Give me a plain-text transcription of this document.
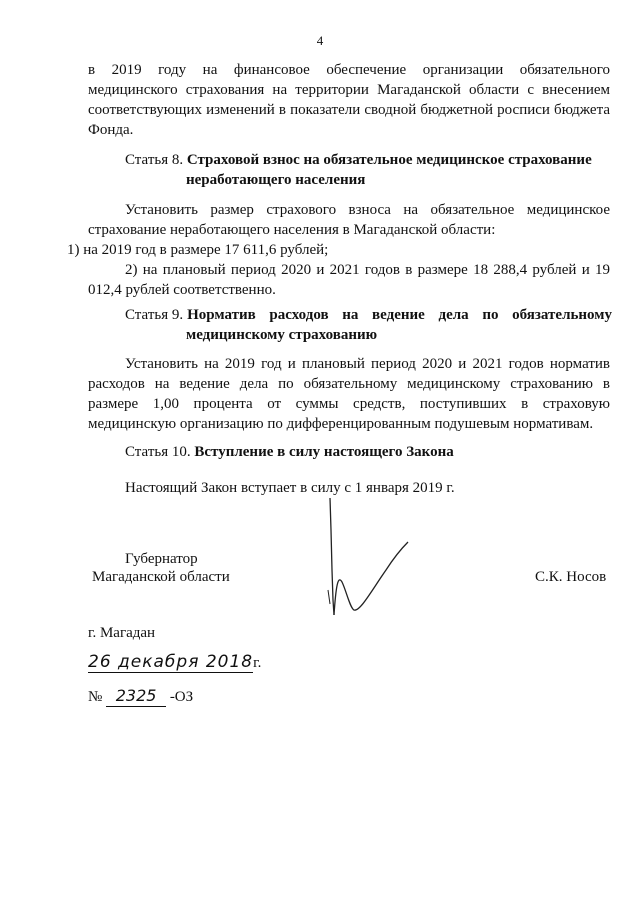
4
в 2019 году на финансовое обеспечение организации обязательного медицинского страхования на территории Магаданской области с внесением соответствующих изменений в показатели сводной бюджетной росписи бюджета Фонда.
Статья 8. Страховой взнос на обязательное медицинское страхование
неработающего населения
Установить размер страхового взноса на обязательное медицинское страхование неработающего населения в Магаданской области:
1) на 2019 год в размере 17 611,6 рублей;
2) на плановый период 2020 и 2021 годов в размере 18 288,4 рублей и 19 012,4 рублей соответственно.
Статья 9. Норматив расходов на ведение дела по обязательному
медицинскому страхованию
Установить на 2019 год и плановый период 2020 и 2021 годов норматив расходов на ведение дела по обязательному медицинскому страхованию в размере 1,00 процента от суммы средств, поступивших в страховую медицинскую организацию по дифференцированным подушевым нормативам.
Статья 10. Вступление в силу настоящего Закона
Настоящий Закон вступает в силу с 1 января 2019 г.
Губернатор
Магаданской области	С.К. Носов
г. Магадан
26 декабря 2018г.
№ 2325 -ОЗ
